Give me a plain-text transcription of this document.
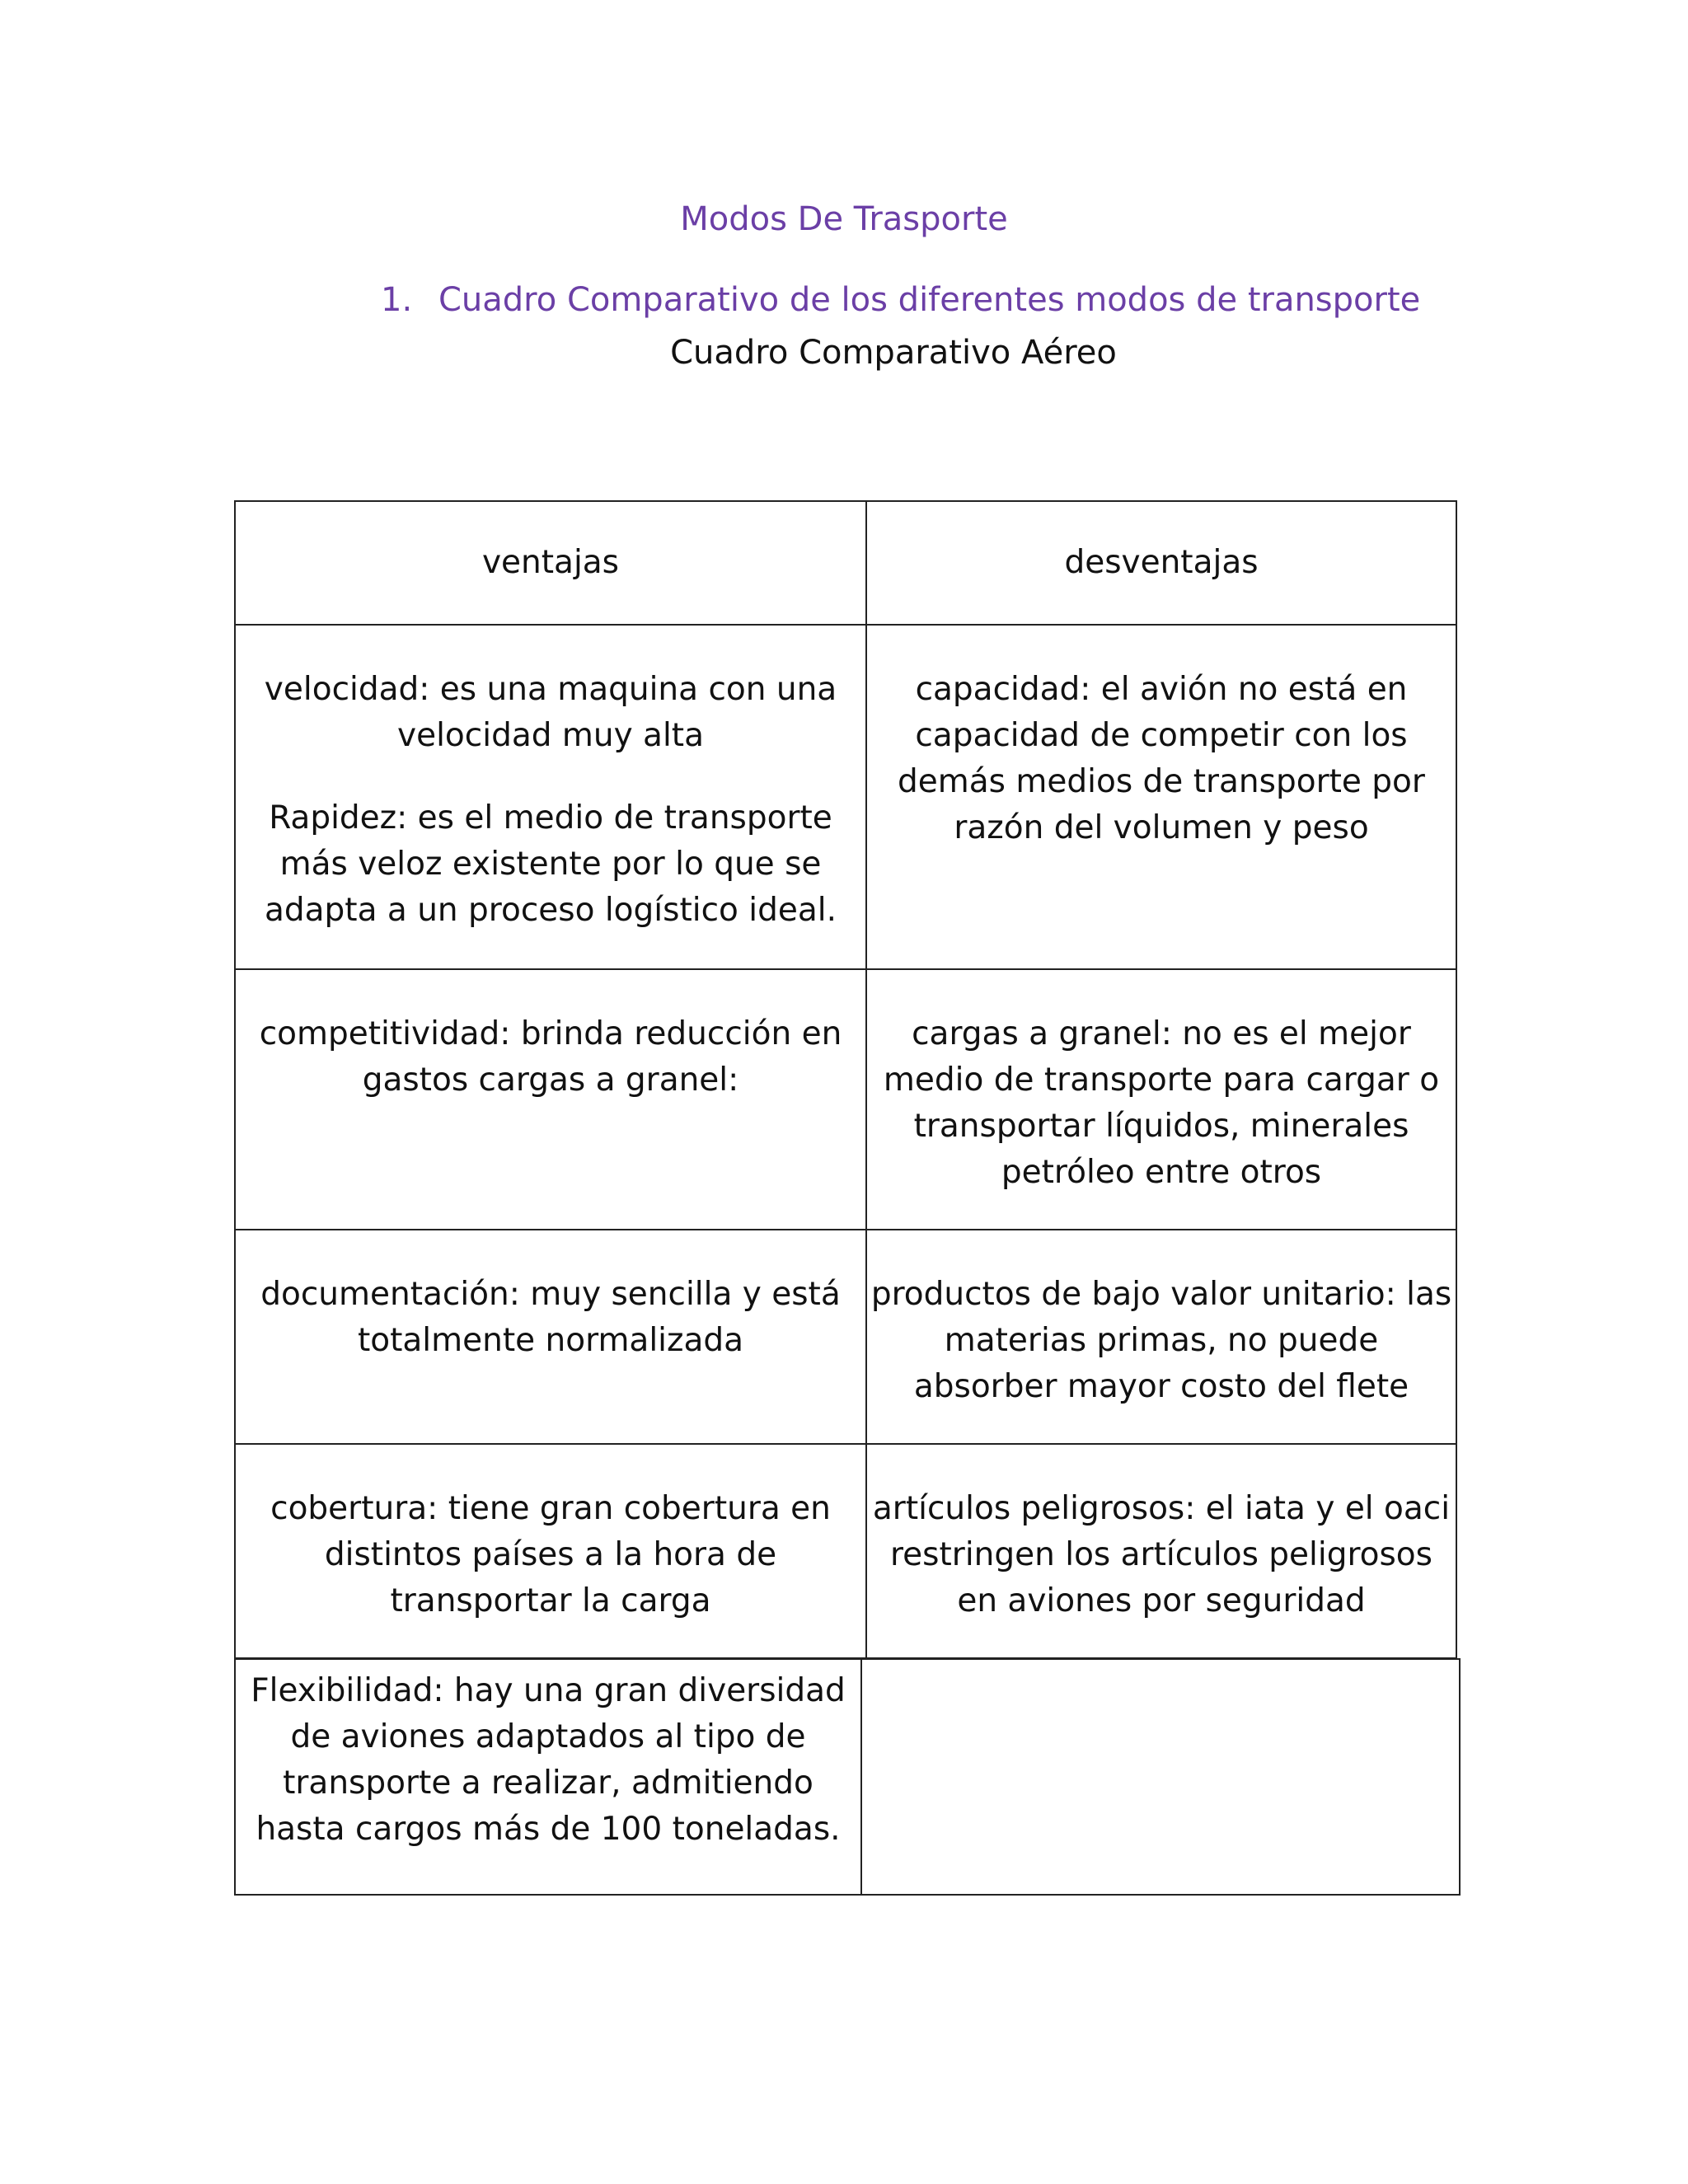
Modos De Trasporte
1. Cuadro Comparativo de los diferentes modos de transporte
Cuadro Comparativo Aéreo
ventajas	desventajas

velocidad: es una maquina con una velocidad muy alta
Rapidez: es el medio de transporte más veloz existente por lo que se adapta a un proceso logístico ideal.	capacidad: el avión no está en capacidad de competir con los demás medios de transporte por razón del volumen y peso

competitividad: brinda reducción en gastos cargas a granel:	cargas a granel: no es el mejor medio de transporte para cargar o transportar líquidos, minerales petróleo entre otros

documentación: muy sencilla y está totalmente normalizada	productos de bajo valor unitario: las materias primas, no puede absorber mayor costo del flete

cobertura: tiene gran cobertura en distintos países a la hora de transportar la carga	artículos peligrosos: el iata y el oaci restringen los artículos peligrosos en aviones por seguridad
Flexibilidad: hay una gran diversidad de aviones adaptados al tipo de transporte a realizar, admitiendo hasta cargos más de 100 toneladas.
